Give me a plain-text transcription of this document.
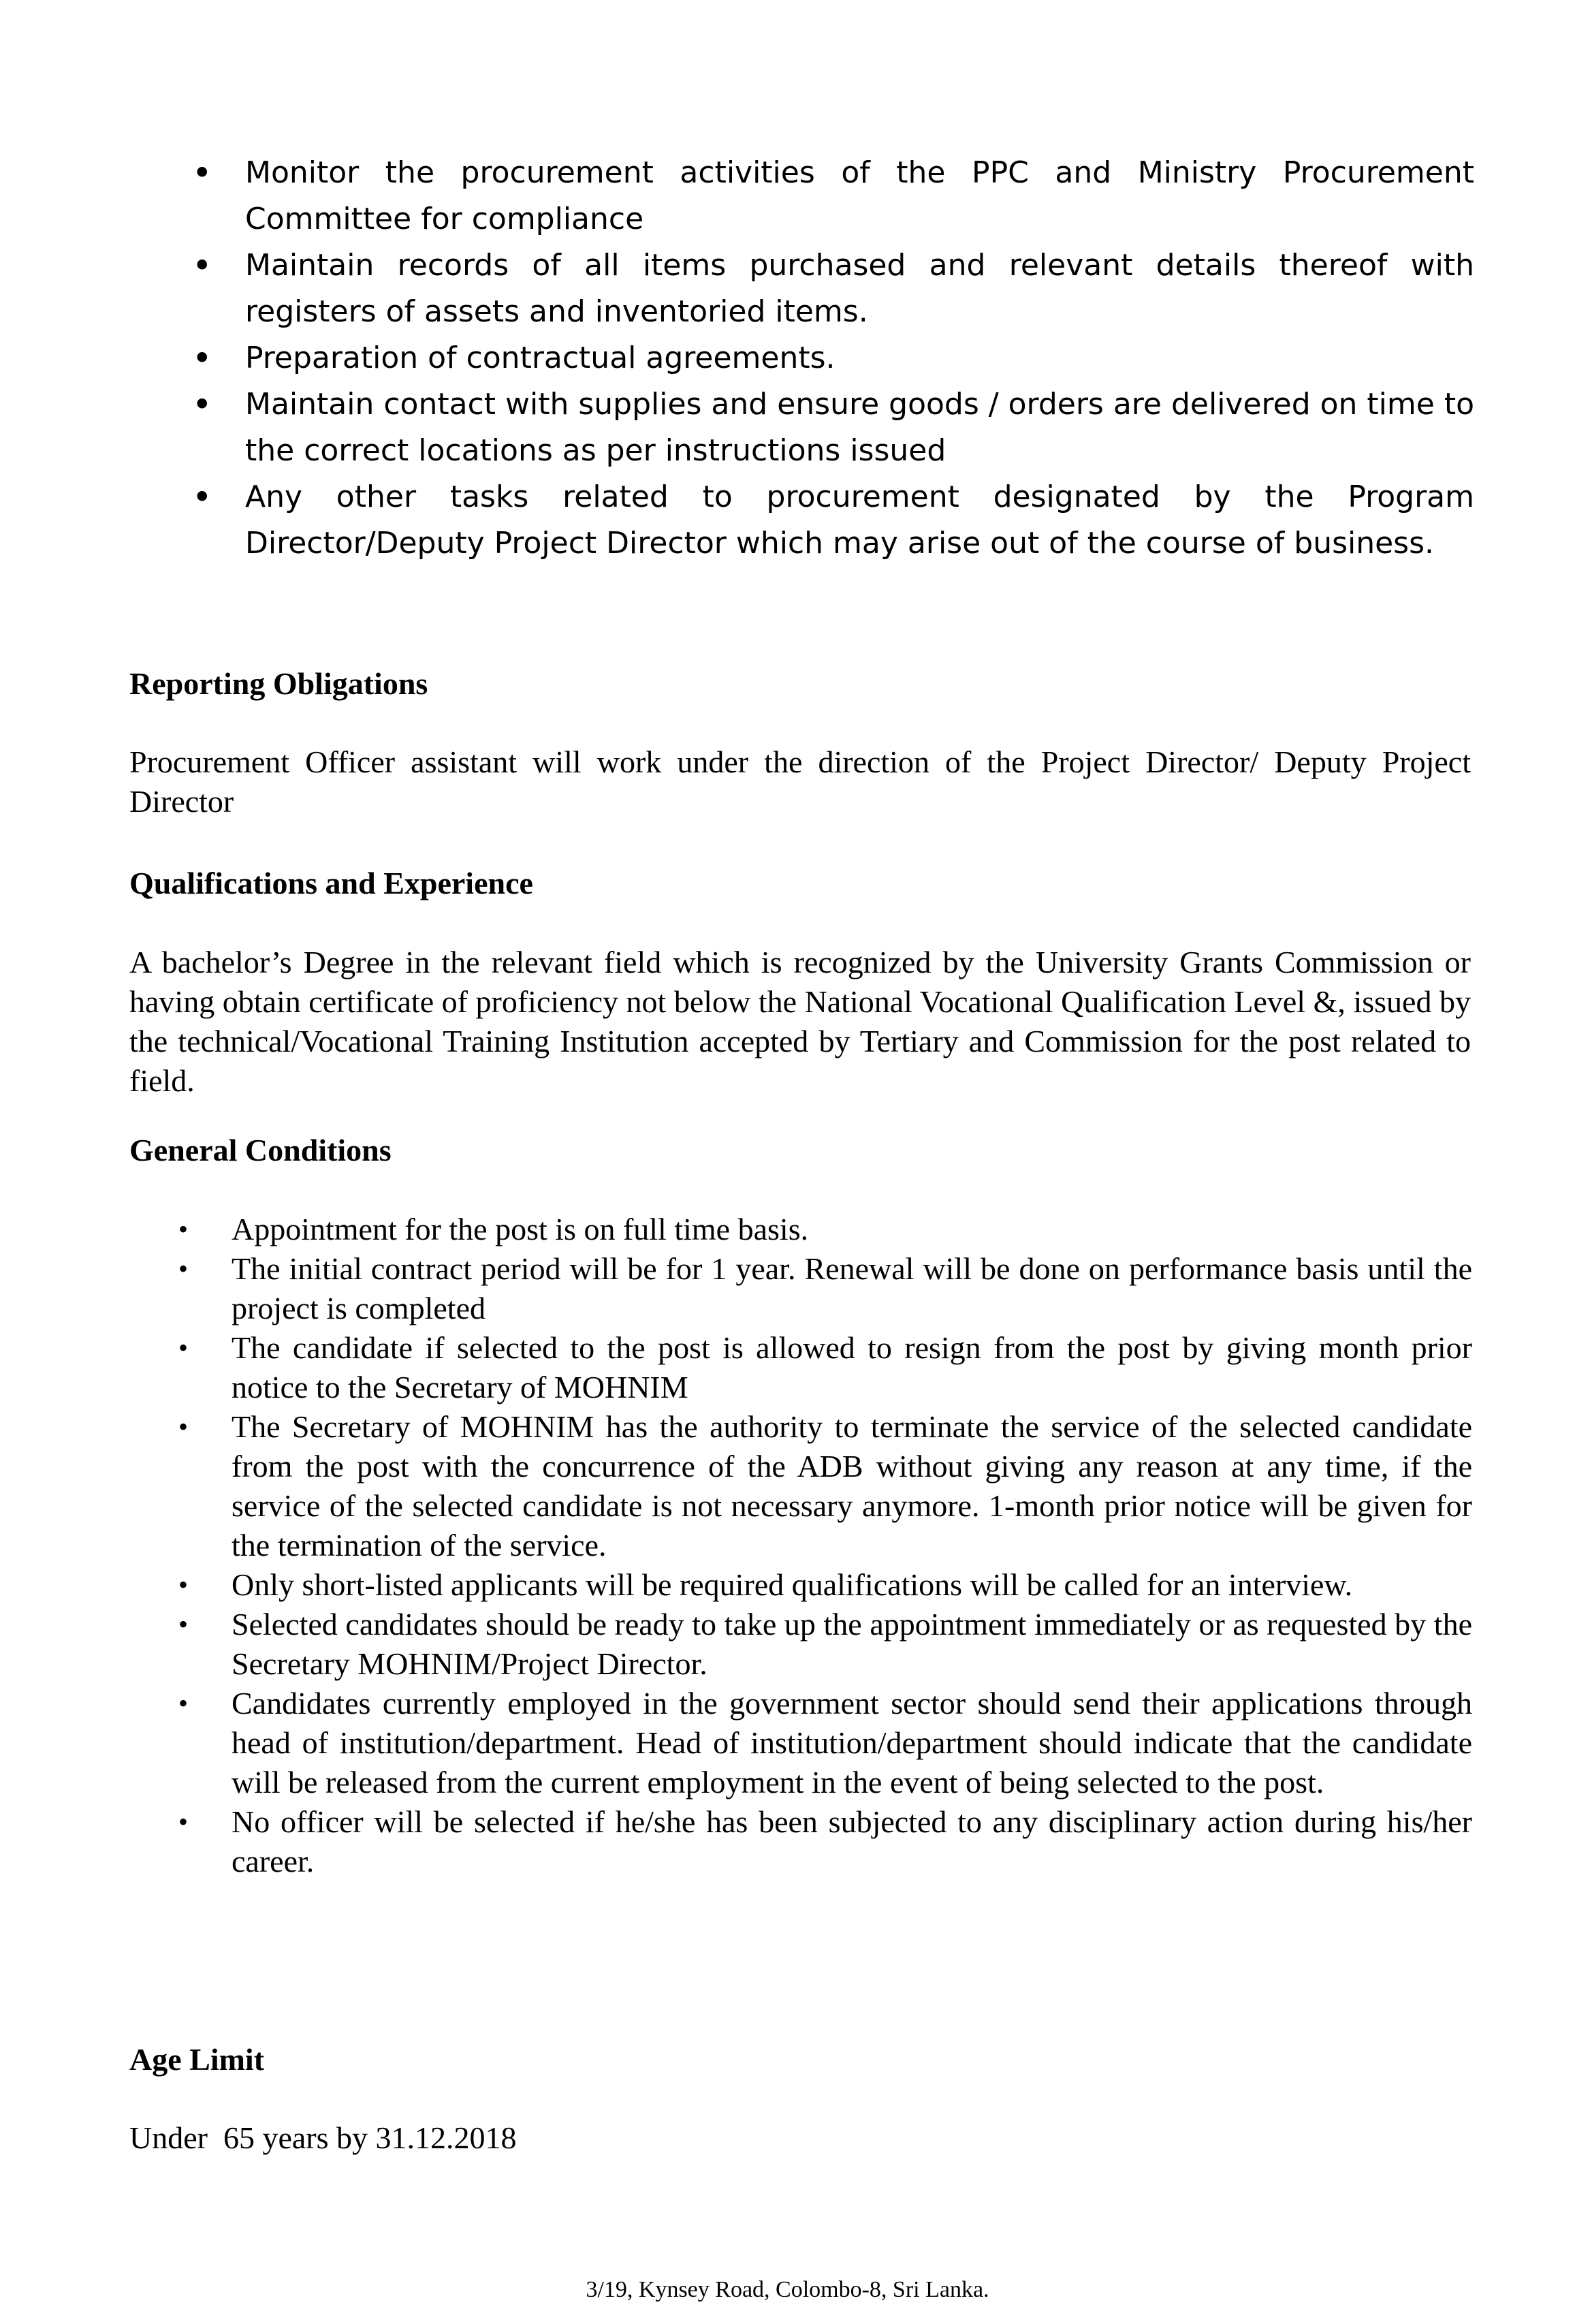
• Monitor the procurement activities of the PPC and Ministry Procurement Committee for compliance
• Maintain records of all items purchased and relevant details thereof with registers of assets and inventoried items.
• Preparation of contractual agreements.
• Maintain contact with supplies and ensure goods / orders are delivered on time to the correct locations as per instructions issued
• Any other tasks related to procurement designated by the Program Director/Deputy Project Director which may arise out of the course of business.
Reporting Obligations

Procurement Officer assistant will work under the direction of the Project Director/ Deputy Project Director

Qualifications and Experience

A bachelor’s Degree in the relevant field which is recognized by the University Grants Commission or having obtain certificate of proficiency not below the National Vocational Qualification Level &, issued by the technical/Vocational Training Institution accepted by Tertiary and Commission for the post related to field.

General Conditions
• Appointment for the post is on full time basis.
• The initial contract period will be for 1 year. Renewal will be done on performance basis until the project is completed
• The candidate if selected to the post is allowed to resign from the post by giving month prior notice to the Secretary of MOHNIM
• The Secretary of MOHNIM has the authority to terminate the service of the selected candidate from the post with the concurrence of the ADB without giving any reason at any time, if the service of the selected candidate is not necessary anymore. 1-month prior notice will be given for the termination of the service.
• Only short-listed applicants will be required qualifications will be called for an interview.
• Selected candidates should be ready to take up the appointment immediately or as requested by the Secretary MOHNIM/Project Director.
• Candidates currently employed in the government sector should send their applications through head of institution/department. Head of institution/department should indicate that the candidate will be released from the current employment in the event of being selected to the post.
• No officer will be selected if he/she has been subjected to any disciplinary action during his/her career.
Age Limit

Under  65 years by 31.12.2018

3/19, Kynsey Road, Colombo-8, Sri Lanka.
